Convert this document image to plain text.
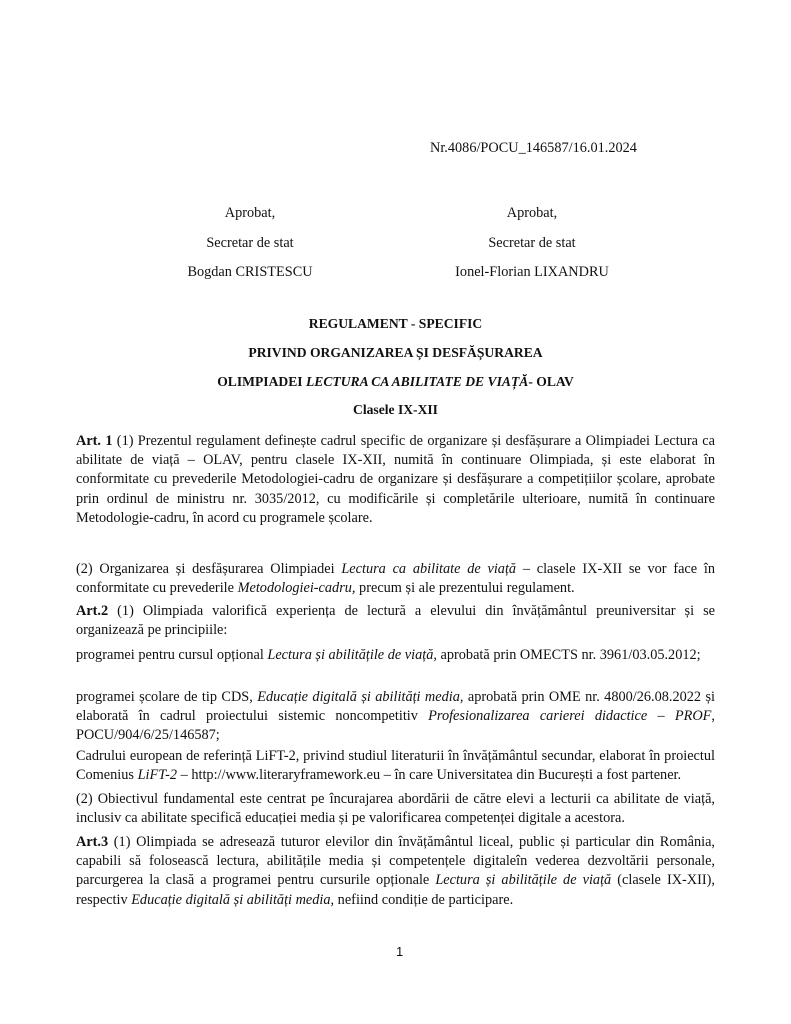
Nr.4086/POCU_146587/16.01.2024
Aprobat,
Secretar de stat
Bogdan CRISTESCU
Aprobat,
Secretar de stat
Ionel-Florian LIXANDRU
REGULAMENT - SPECIFIC
PRIVIND ORGANIZAREA ȘI DESFĂȘURAREA
OLIMPIADEI LECTURA CA ABILITATE DE VIAȚĂ- OLAV
Clasele IX-XII

Art. 1 (1) Prezentul regulament definește cadrul specific de organizare și desfășurare a Olimpiadei Lectura ca abilitate de viață – OLAV, pentru clasele IX-XII, numită în continuare Olimpiada, și este elaborat în conformitate cu prevederile Metodologiei-cadru de organizare și desfășurare a competițiilor școlare, aprobate prin ordinul de ministru nr. 3035/2012, cu modificările și completările ulterioare, numită în continuare Metodologie-cadru, în acord cu programele școlare.

(2) Organizarea și desfășurarea Olimpiadei Lectura ca abilitate de viață – clasele IX-XII se vor face în conformitate cu prevederile Metodologiei-cadru, precum și ale prezentului regulament.

Art.2 (1) Olimpiada valorifică experiența de lectură a elevului din învățământul preuniversitar și se organizează pe principiile:

programei pentru cursul opțional Lectura și abilitățile de viață, aprobată prin OMECTS nr. 3961/03.05.2012;

programei școlare de tip CDS, Educație digitală și abilități media, aprobată prin OME nr. 4800/26.08.2022 și elaborată în cadrul proiectului sistemic noncompetitiv Profesionalizarea carierei didactice – PROF, POCU/904/6/25/146587;

Cadrului european de referință LiFT-2, privind studiul literaturii în învățământul secundar, elaborat în proiectul Comenius LiFT-2 – http://www.literaryframework.eu – în care Universitatea din București a fost partener.

(2) Obiectivul fundamental este centrat pe încurajarea abordării de către elevi a lecturii ca abilitate de viață, inclusiv ca abilitate specifică educației media și pe valorificarea competenței digitale a acestora.

Art.3 (1) Olimpiada se adresează tuturor elevilor din învățământul liceal, public și particular din România, capabili să folosească lectura, abilitățile media și competențele digitaleîn vederea dezvoltării personale, parcurgerea la clasă a programei pentru cursurile opționale Lectura și abilitățile de viață (clasele IX-XII), respectiv Educație digitală și abilități media, nefiind condiție de participare.

1
